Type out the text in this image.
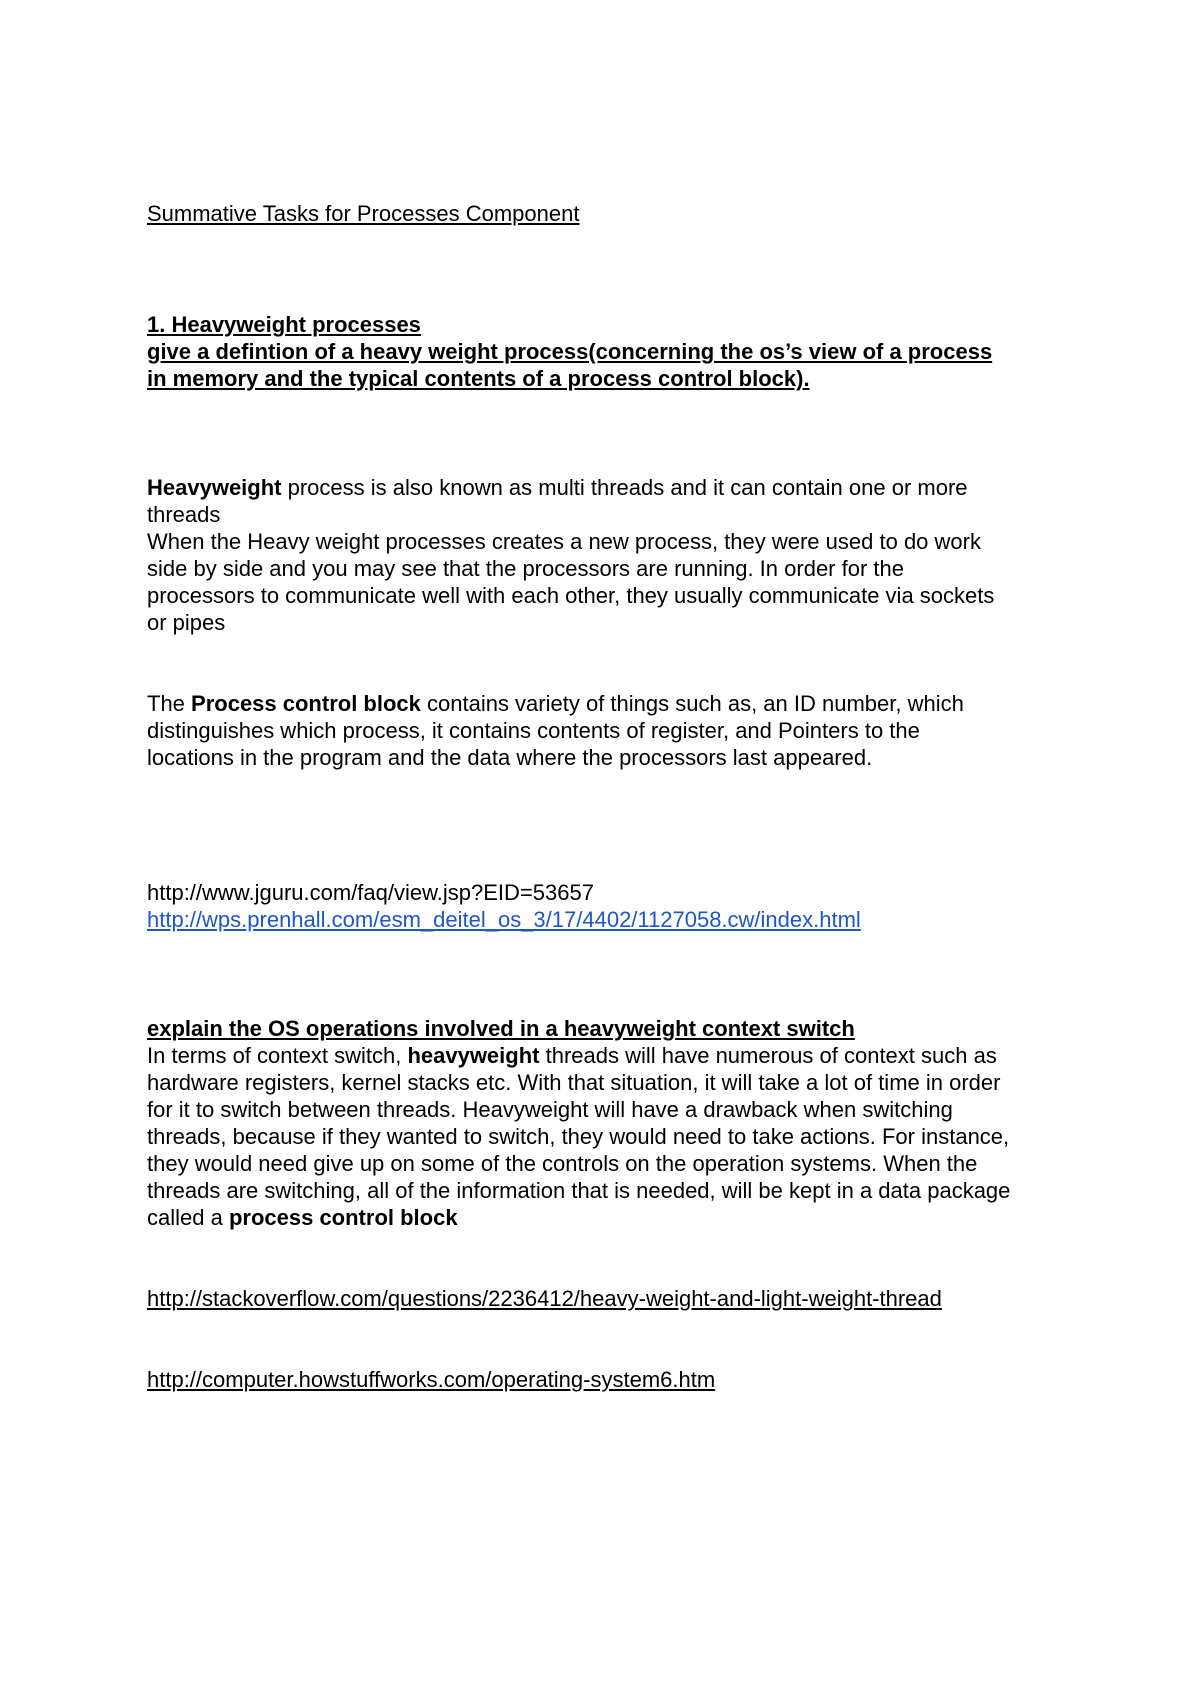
Summative Tasks for Processes Component
1. Heavyweight processes
give a defintion of a heavy weight process(concerning the os’s view of a process
in memory and the typical contents of a process control block).
Heavyweight process is also known as multi threads and it can contain one or more
threads
When the Heavy weight processes creates a new process, they were used to do work
side by side and you may see that the processors are running. In order for the
processors to communicate well with each other, they usually communicate via sockets
or pipes
The Process control block contains variety of things such as, an ID number, which
distinguishes which process, it contains contents of register, and Pointers to the
locations in the program and the data where the processors last appeared.
http://www.jguru.com/faq/view.jsp?EID=53657
http://wps.prenhall.com/esm_deitel_os_3/17/4402/1127058.cw/index.html
explain the OS operations involved in a heavyweight context switch
In terms of context switch, heavyweight threads will have numerous of context such as
hardware registers, kernel stacks etc. With that situation, it will take a lot of time in order
for it to switch between threads. Heavyweight will have a drawback when switching
threads, because if they wanted to switch, they would need to take actions. For instance,
they would need give up on some of the controls on the operation systems. When the
threads are switching, all of the information that is needed, will be kept in a data package
called a process control block
http://stackoverflow.com/questions/2236412/heavy-weight-and-light-weight-thread
http://computer.howstuffworks.com/operating-system6.htm
